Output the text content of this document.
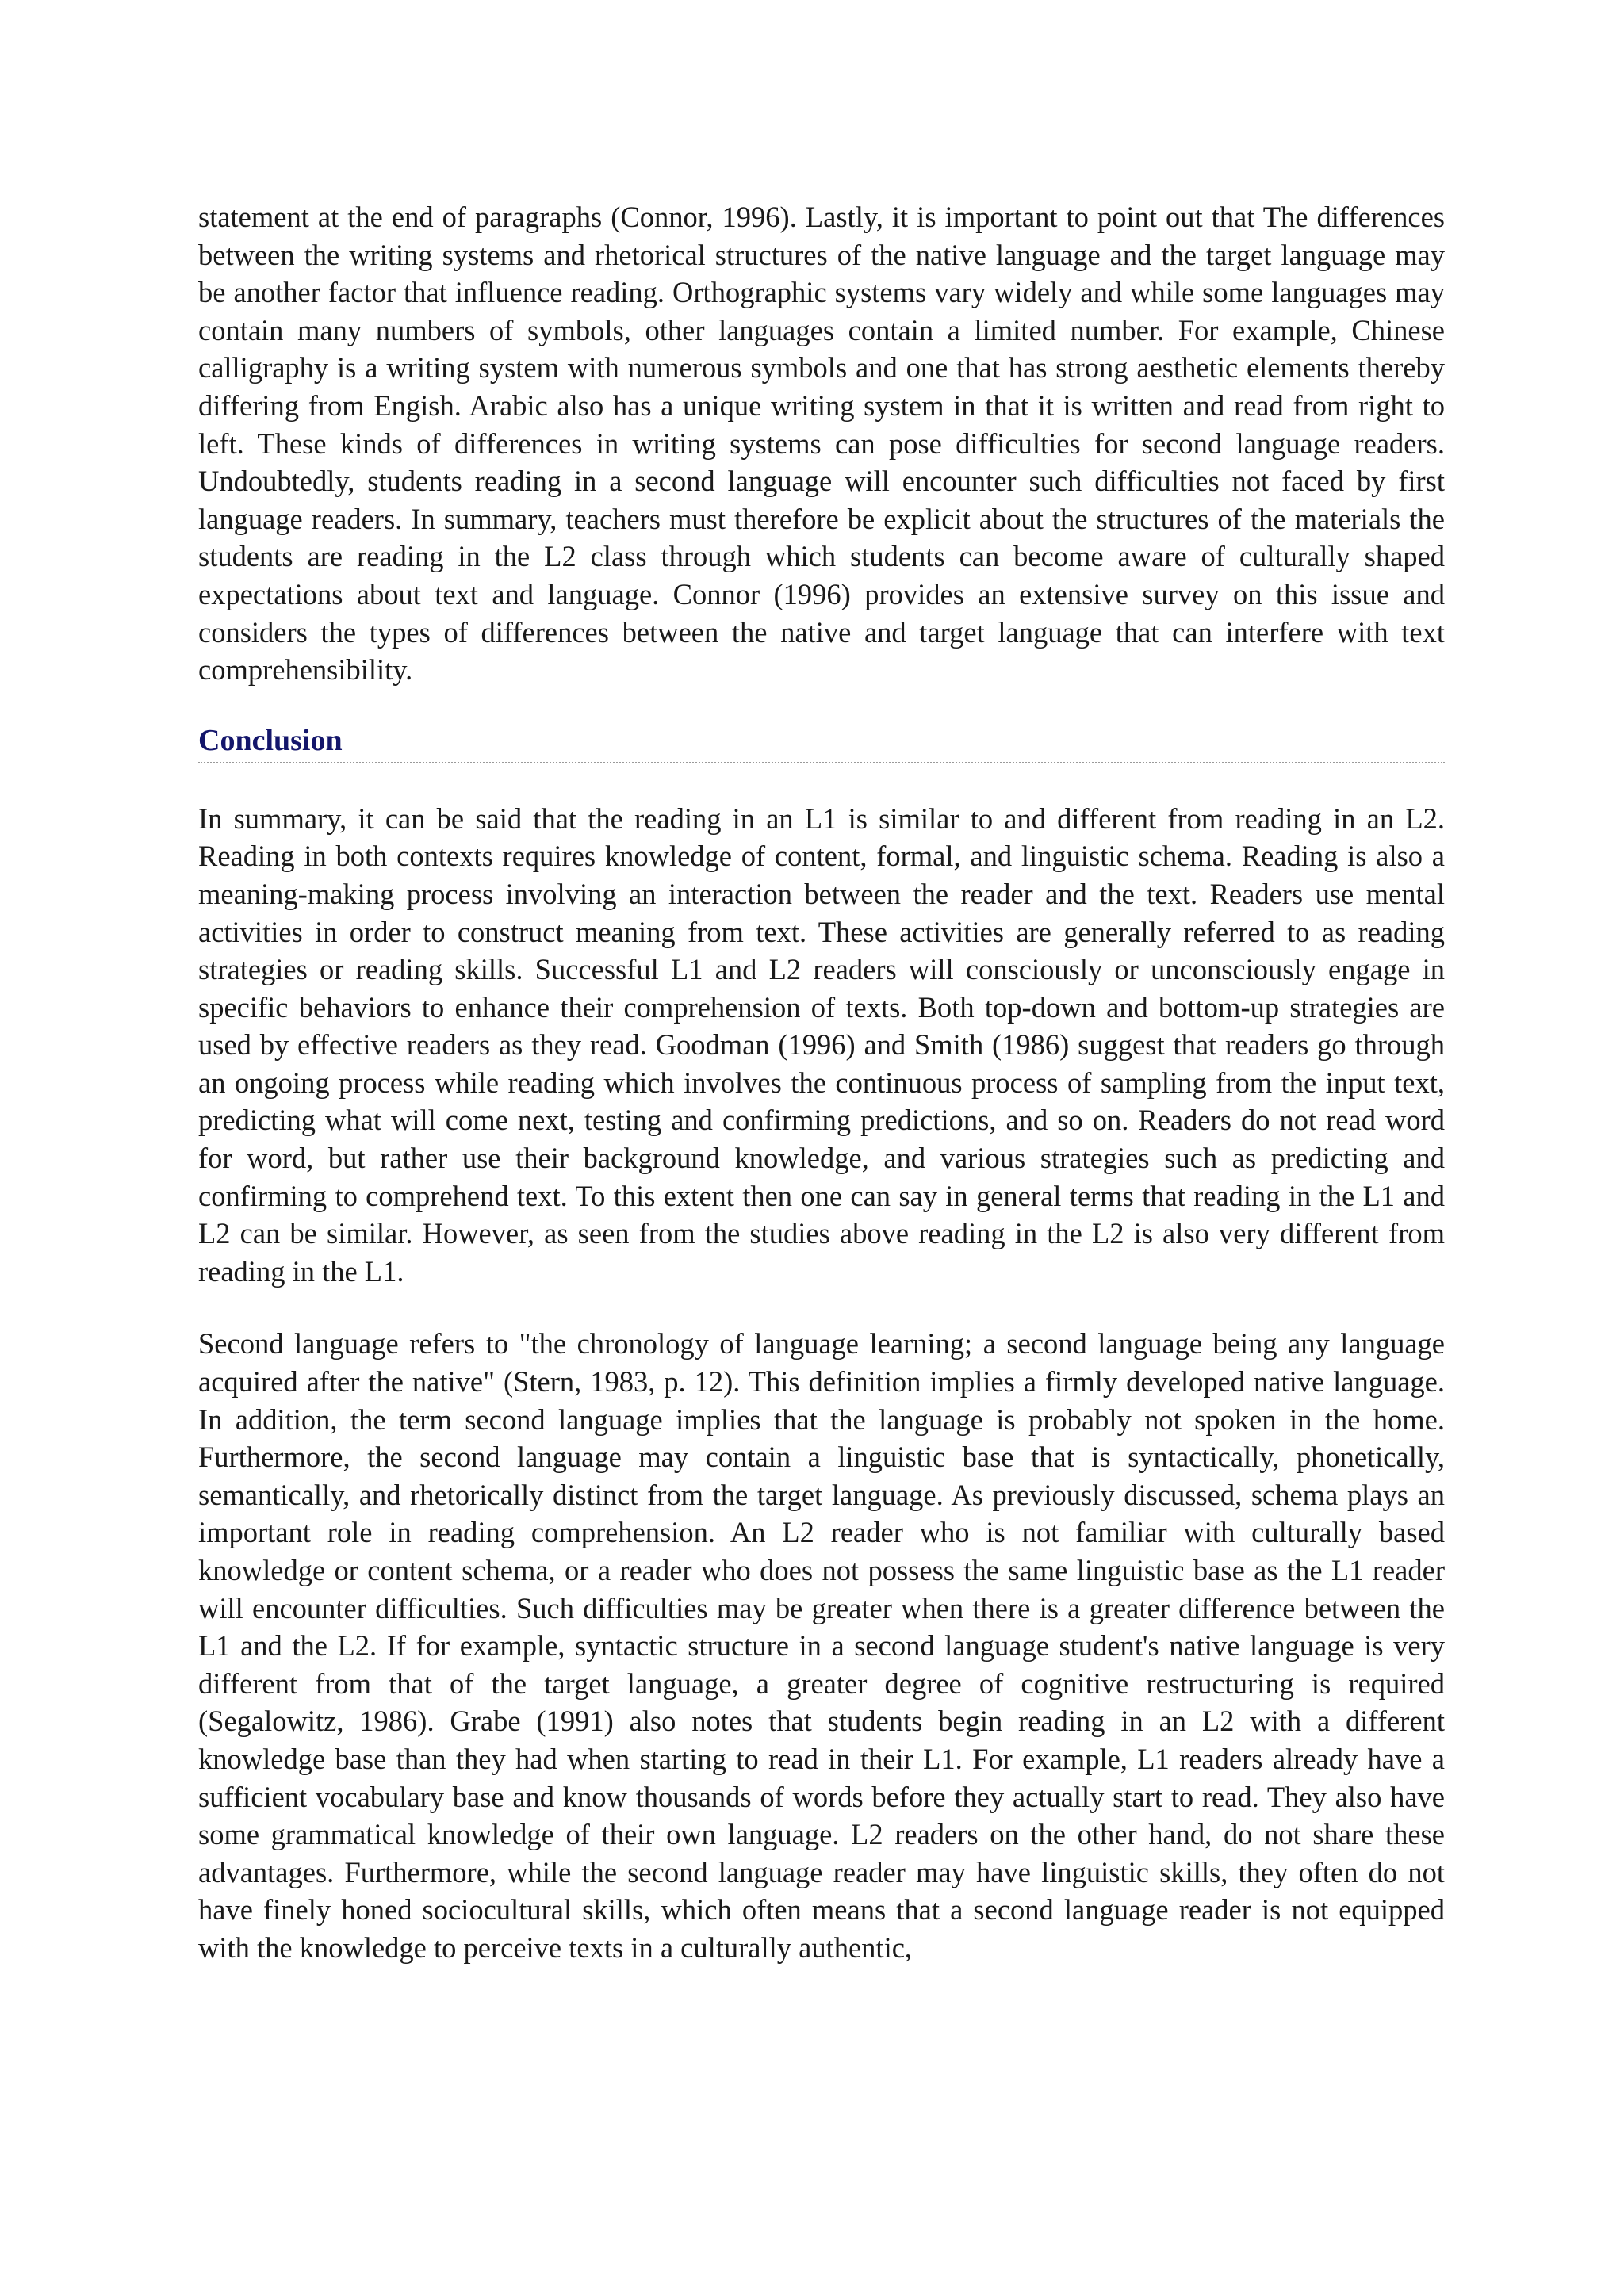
statement at the end of paragraphs (Connor, 1996). Lastly, it is important to point out that The differences between the writing systems and rhetorical structures of the native language and the target language may be another factor that influence reading. Orthographic systems vary widely and while some languages may contain many numbers of symbols, other languages contain a limited number. For example, Chinese calligraphy is a writing system with numerous symbols and one that has strong aesthetic elements thereby differing from Engish. Arabic also has a unique writing system in that it is written and read from right to left. These kinds of differences in writing systems can pose difficulties for second language readers. Undoubtedly, students reading in a second language will encounter such difficulties not faced by first language readers. In summary, teachers must therefore be explicit about the structures of the materials the students are reading in the L2 class through which students can become aware of culturally shaped expectations about text and language. Connor (1996) provides an extensive survey on this issue and considers the types of differences between the native and target language that can interfere with text comprehensibility.

Conclusion

In summary, it can be said that the reading in an L1 is similar to and different from reading in an L2. Reading in both contexts requires knowledge of content, formal, and linguistic schema. Reading is also a meaning-making process involving an interaction between the reader and the text. Readers use mental activities in order to construct meaning from text. These activities are generally referred to as reading strategies or reading skills. Successful L1 and L2 readers will consciously or unconsciously engage in specific behaviors to enhance their comprehension of texts. Both top-down and bottom-up strategies are used by effective readers as they read. Goodman (1996) and Smith (1986) suggest that readers go through an ongoing process while reading which involves the continuous process of sampling from the input text, predicting what will come next, testing and confirming predictions, and so on. Readers do not read word for word, but rather use their background knowledge, and various strategies such as predicting and confirming to comprehend text. To this extent then one can say in general terms that reading in the L1 and L2 can be similar. However, as seen from the studies above reading in the L2 is also very different from reading in the L1.

Second language refers to "the chronology of language learning; a second language being any language acquired after the native" (Stern, 1983, p. 12). This definition implies a firmly developed native language. In addition, the term second language implies that the language is probably not spoken in the home. Furthermore, the second language may contain a linguistic base that is syntactically, phonetically, semantically, and rhetorically distinct from the target language. As previously discussed, schema plays an important role in reading comprehension. An L2 reader who is not familiar with culturally based knowledge or content schema, or a reader who does not possess the same linguistic base as the L1 reader will encounter difficulties. Such difficulties may be greater when there is a greater difference between the L1 and the L2. If for example, syntactic structure in a second language student's native language is very different from that of the target language, a greater degree of cognitive restructuring is required (Segalowitz, 1986). Grabe (1991) also notes that students begin reading in an L2 with a different knowledge base than they had when starting to read in their L1. For example, L1 readers already have a sufficient vocabulary base and know thousands of words before they actually start to read. They also have some grammatical knowledge of their own language. L2 readers on the other hand, do not share these advantages. Furthermore, while the second language reader may have linguistic skills, they often do not have finely honed sociocultural skills, which often means that a second language reader is not equipped with the knowledge to perceive texts in a culturally authentic,
